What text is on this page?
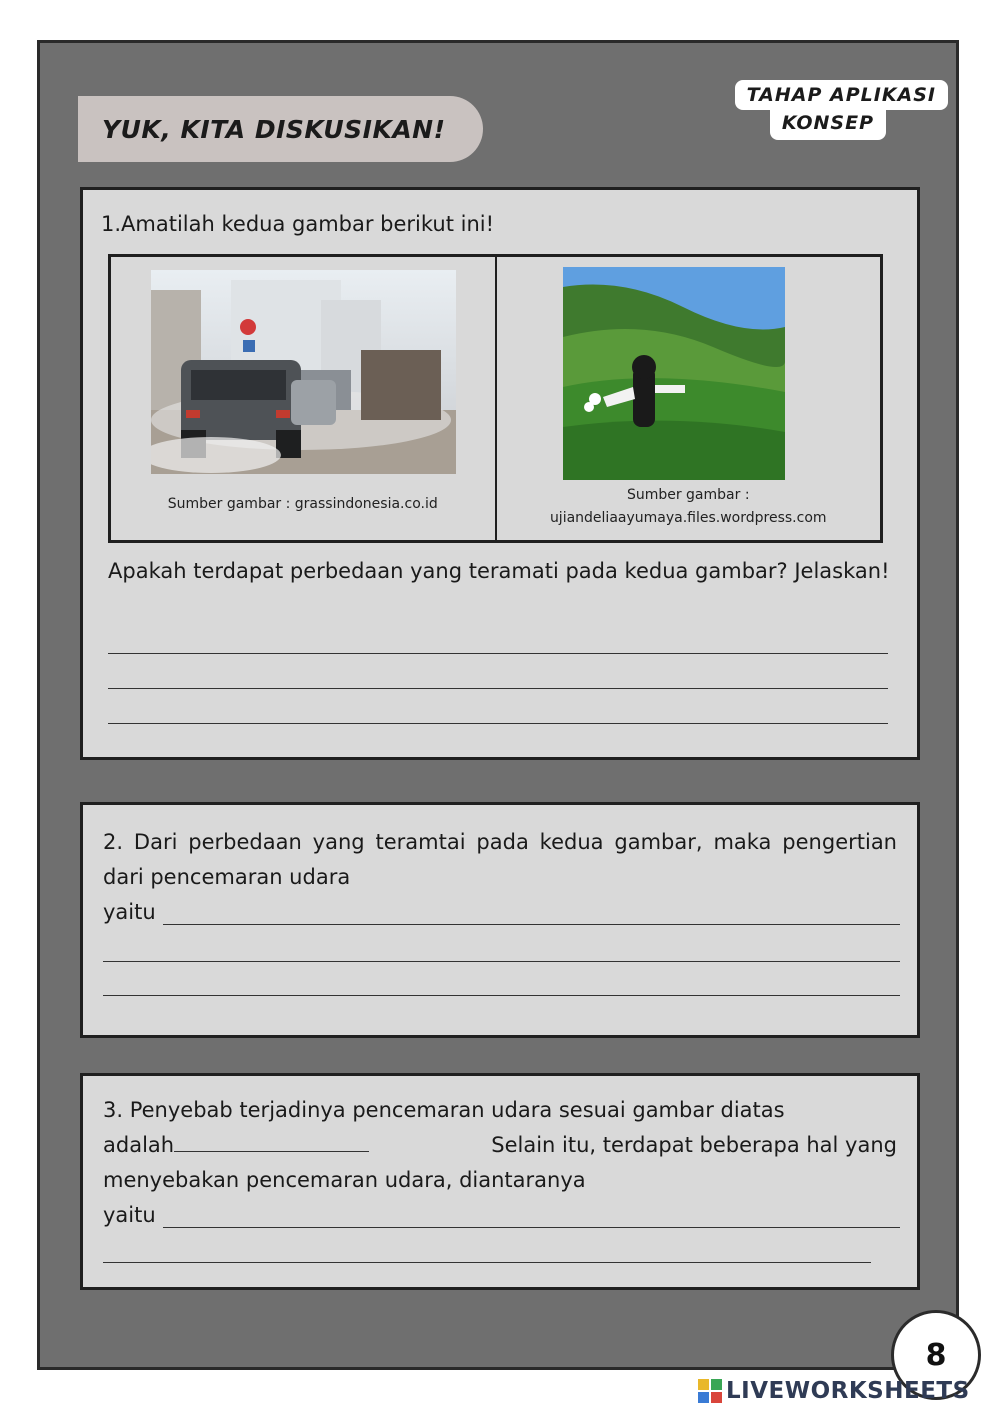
YUK, KITA DISKUSIKAN!
TAHAP APLIKASI
KONSEP
1.Amatilah kedua gambar berikut ini!
Sumber gambar : grassindonesia.co.id
Sumber gambar :
ujiandeliaayumaya.files.wordpress.com
Apakah terdapat perbedaan yang teramati pada kedua gambar? Jelaskan!
2. Dari perbedaan yang teramtai pada kedua gambar, maka pengertian dari pencemaran udara
yaitu
3. Penyebab terjadinya pencemaran udara sesuai gambar diatas
adalah	Selain itu, terdapat beberapa hal yang
menyebakan pencemaran udara, diantaranya
yaitu
8
LIVEWORKSHEETS
